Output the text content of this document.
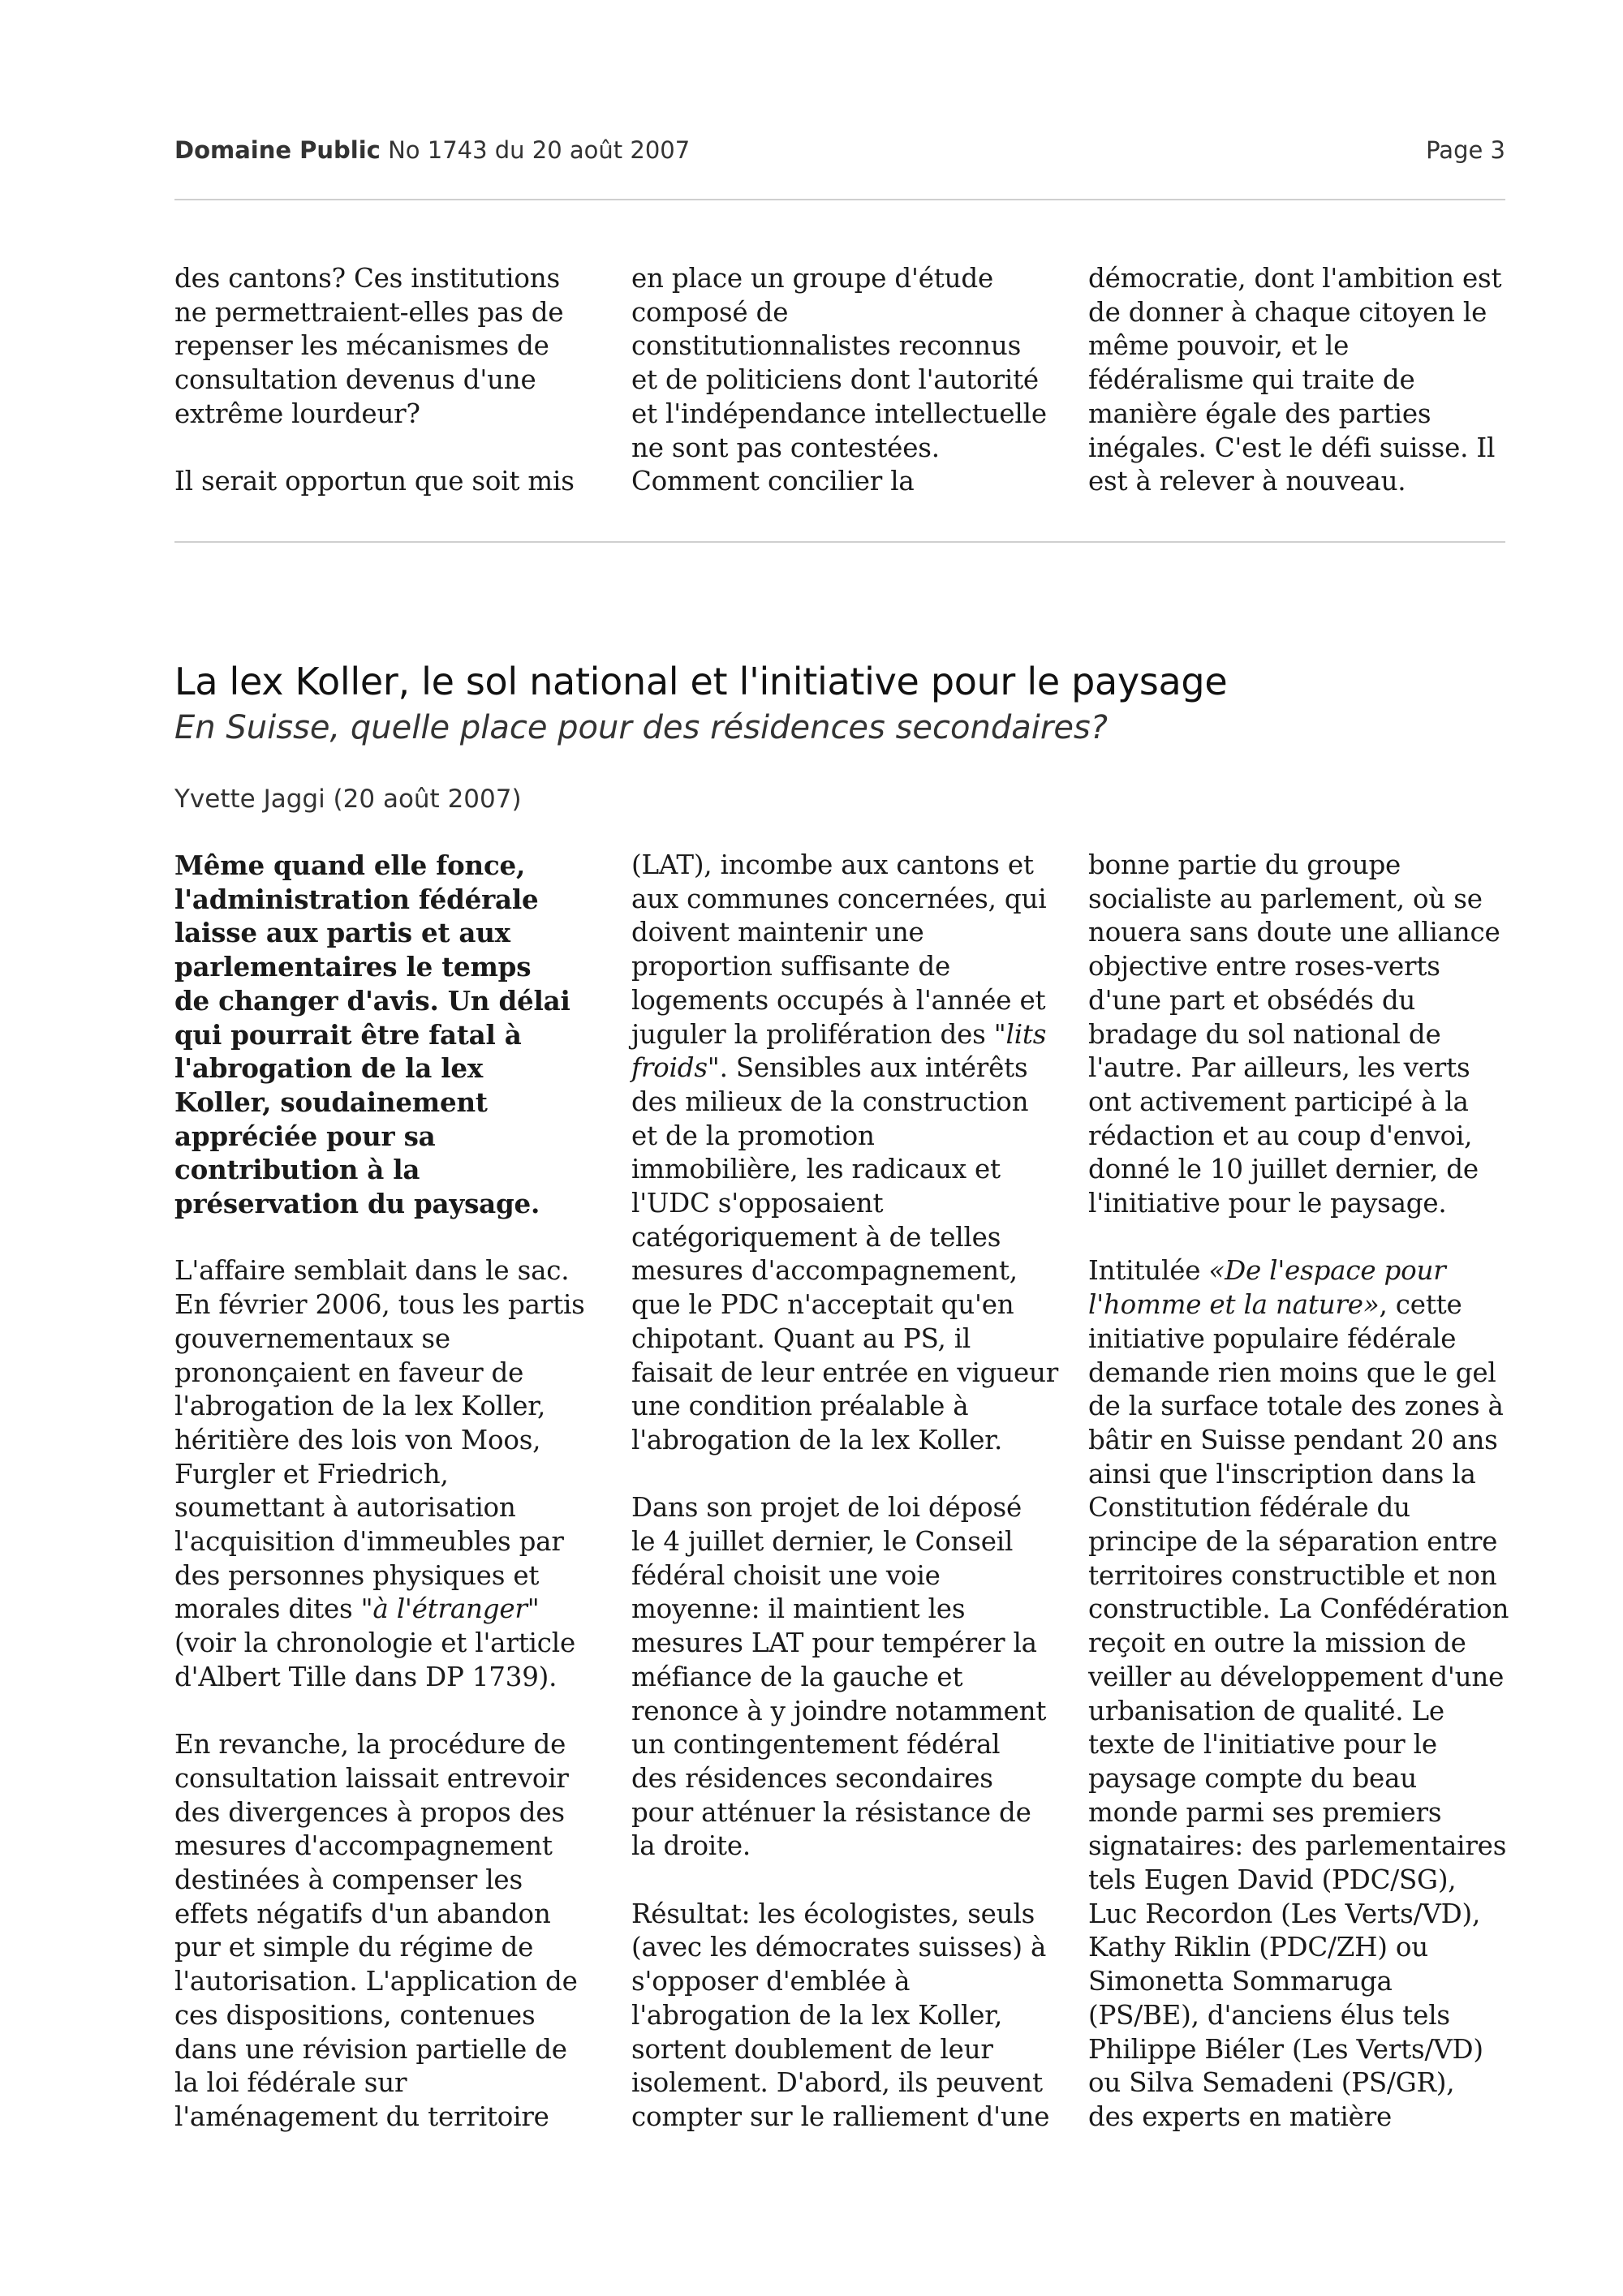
Domaine Public No 1743 du 20 août 2007	Page 3

des cantons? Ces institutions

ne permettraient-elles pas de

repenser les mécanismes de

consultation devenus d'une

extrême lourdeur?

Il serait opportun que soit mis

en place un groupe d'étude

composé de

constitutionnalistes reconnus

et de politiciens dont l'autorité

et l'indépendance intellectuelle

ne sont pas contestées.

Comment concilier la

démocratie, dont l'ambition est

de donner à chaque citoyen le

même pouvoir, et le

fédéralisme qui traite de

manière égale des parties

inégales. C'est le défi suisse. Il

est à relever à nouveau.

La lex Koller, le sol national et l'initiative pour le paysage
En Suisse, quelle place pour des résidences secondaires?
Yvette Jaggi (20 août 2007)

Même quand elle fonce,

l'administration fédérale

laisse aux partis et aux

parlementaires le temps

de changer d'avis. Un délai

qui pourrait être fatal à

l'abrogation de la lex

Koller, soudainement

appréciée pour sa

contribution à la

préservation du paysage.

L'affaire semblait dans le sac.

En février 2006, tous les partis

gouvernementaux se

prononçaient en faveur de

l'abrogation de la lex Koller,

héritière des lois von Moos,

Furgler et Friedrich,

soumettant à autorisation

l'acquisition d'immeubles par

des personnes physiques et

morales dites "à l'étranger"

(voir la chronologie et l'article

d'Albert Tille dans DP 1739).

En revanche, la procédure de

consultation laissait entrevoir

des divergences à propos des

mesures d'accompagnement

destinées à compenser les

effets négatifs d'un abandon

pur et simple du régime de

l'autorisation. L'application de

ces dispositions, contenues

dans une révision partielle de

la loi fédérale sur

l'aménagement du territoire

(LAT), incombe aux cantons et

aux communes concernées, qui

doivent maintenir une

proportion suffisante de

logements occupés à l'année et

juguler la prolifération des "lits

froids". Sensibles aux intérêts

des milieux de la construction

et de la promotion

immobilière, les radicaux et

l'UDC s'opposaient

catégoriquement à de telles

mesures d'accompagnement,

que le PDC n'acceptait qu'en

chipotant. Quant au PS, il

faisait de leur entrée en vigueur

une condition préalable à

l'abrogation de la lex Koller.

Dans son projet de loi déposé

le 4 juillet dernier, le Conseil

fédéral choisit une voie

moyenne: il maintient les

mesures LAT pour tempérer la

méfiance de la gauche et

renonce à y joindre notamment

un contingentement fédéral

des résidences secondaires

pour atténuer la résistance de

la droite.

Résultat: les écologistes, seuls

(avec les démocrates suisses) à

s'opposer d'emblée à

l'abrogation de la lex Koller,

sortent doublement de leur

isolement. D'abord, ils peuvent

compter sur le ralliement d'une

bonne partie du groupe

socialiste au parlement, où se

nouera sans doute une alliance

objective entre roses-verts

d'une part et obsédés du

bradage du sol national de

l'autre. Par ailleurs, les verts

ont activement participé à la

rédaction et au coup d'envoi,

donné le 10 juillet dernier, de

l'initiative pour le paysage.

Intitulée «De l'espace pour

l'homme et la nature», cette

initiative populaire fédérale

demande rien moins que le gel

de la surface totale des zones à

bâtir en Suisse pendant 20 ans

ainsi que l'inscription dans la

Constitution fédérale du

principe de la séparation entre

territoires constructible et non

constructible. La Confédération

reçoit en outre la mission de

veiller au développement d'une

urbanisation de qualité. Le

texte de l'initiative pour le

paysage compte du beau

monde parmi ses premiers

signataires: des parlementaires

tels Eugen David (PDC/SG),

Luc Recordon (Les Verts/VD),

Kathy Riklin (PDC/ZH) ou

Simonetta Sommaruga

(PS/BE), d'anciens élus tels

Philippe Biéler (Les Verts/VD)

ou Silva Semadeni (PS/GR),

des experts en matière
